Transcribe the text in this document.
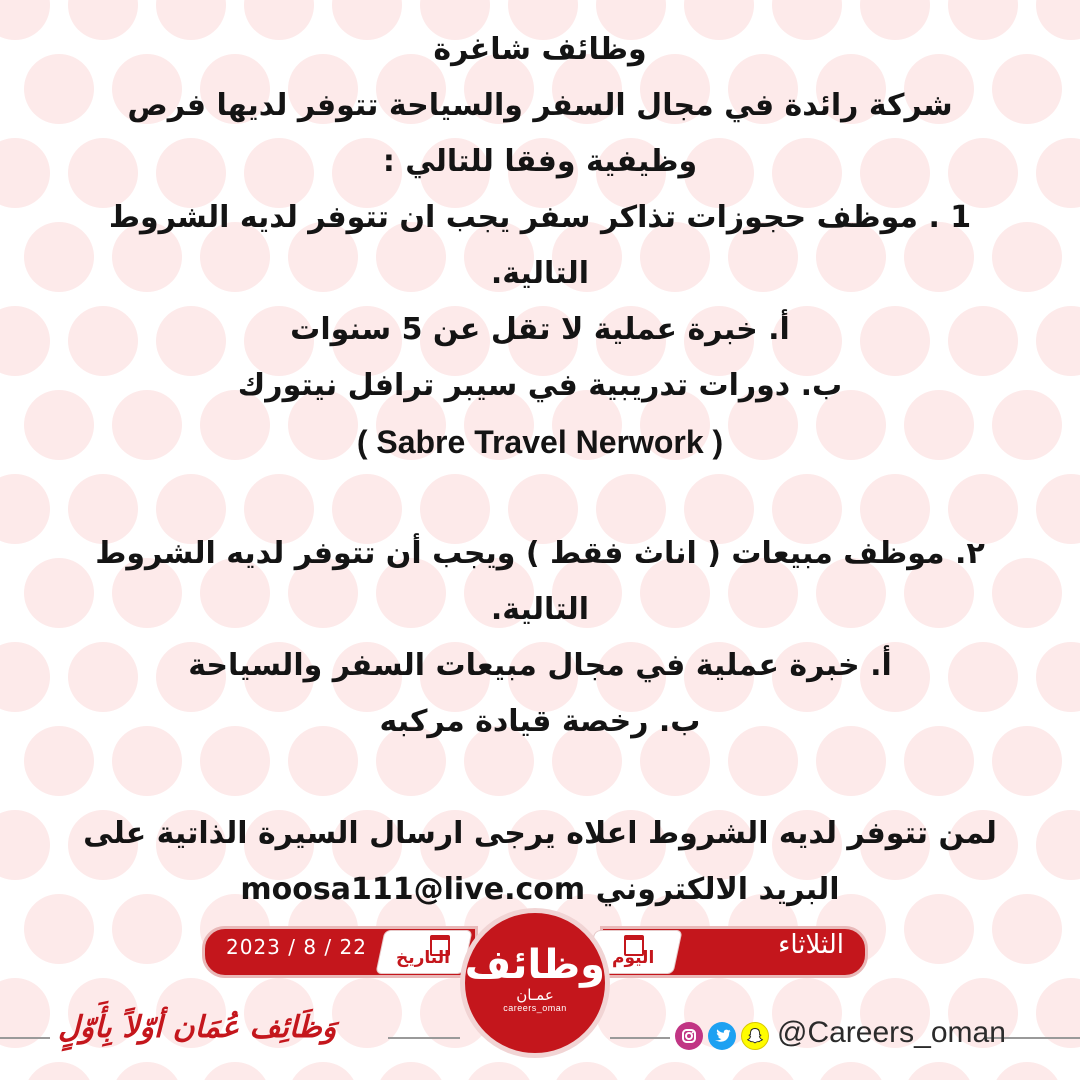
وظائف شاغرة
شركة رائدة في مجال السفر والسياحة تتوفر لديها فرص
وظيفية وفقا للتالي :
1 . موظف حجوزات تذاكر سفر يجب ان تتوفر لديه الشروط
التالية.
أ. خبرة عملية لا تقل عن 5 سنوات
ب. دورات تدريبية في سيبر ترافل نيتورك
( Sabre Travel Nerwork )
٢. موظف مبيعات ( اناث فقط ) ويجب أن تتوفر لديه الشروط
التالية.
أ. خبرة عملية في مجال مبيعات السفر والسياحة
ب. رخصة قيادة مركبه
لمن تتوفر لديه الشروط اعلاه يرجى ارسال السيرة الذاتية على
البريد الالكتروني moosa111@live.com
2023 / 8 / 22 التاريخ	الثلاثاء
اليوم
وظائف
عمـان
careers_oman
وَظَائِف عُمَان أوّلاً بِأَوّلٍ	@Careers_oman
